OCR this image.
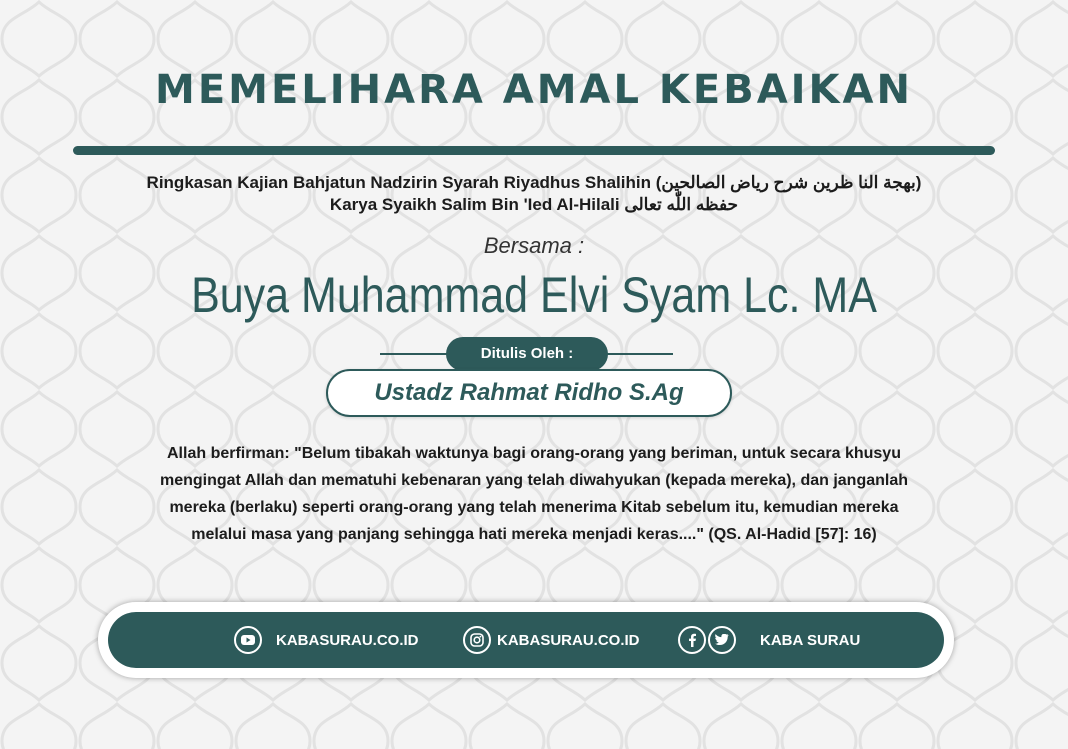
MEMELIHARA AMAL KEBAIKAN
Ringkasan Kajian Bahjatun Nadzirin Syarah Riyadhus Shalihin (بهجة النا ظرين شرح رياض الصالحين)
Karya Syaikh Salim Bin 'Ied Al-Hilali حفظه اللّٰه تعالى
Bersama :
Buya Muhammad Elvi Syam Lc. MA
Ditulis Oleh :
Ustadz Rahmat Ridho S.Ag
Allah berfirman: "Belum tibakah waktunya bagi orang-orang yang beriman, untuk secara khusyu mengingat Allah dan mematuhi kebenaran yang telah diwahyukan (kepada mereka), dan janganlah mereka (berlaku) seperti orang-orang yang telah menerima Kitab sebelum itu, kemudian mereka melalui masa yang panjang sehingga hati mereka menjadi keras...." (QS. Al-Hadid [57]: 16)
KABASURAU.CO.ID	KABASURAU.CO.ID	KABA SURAU
